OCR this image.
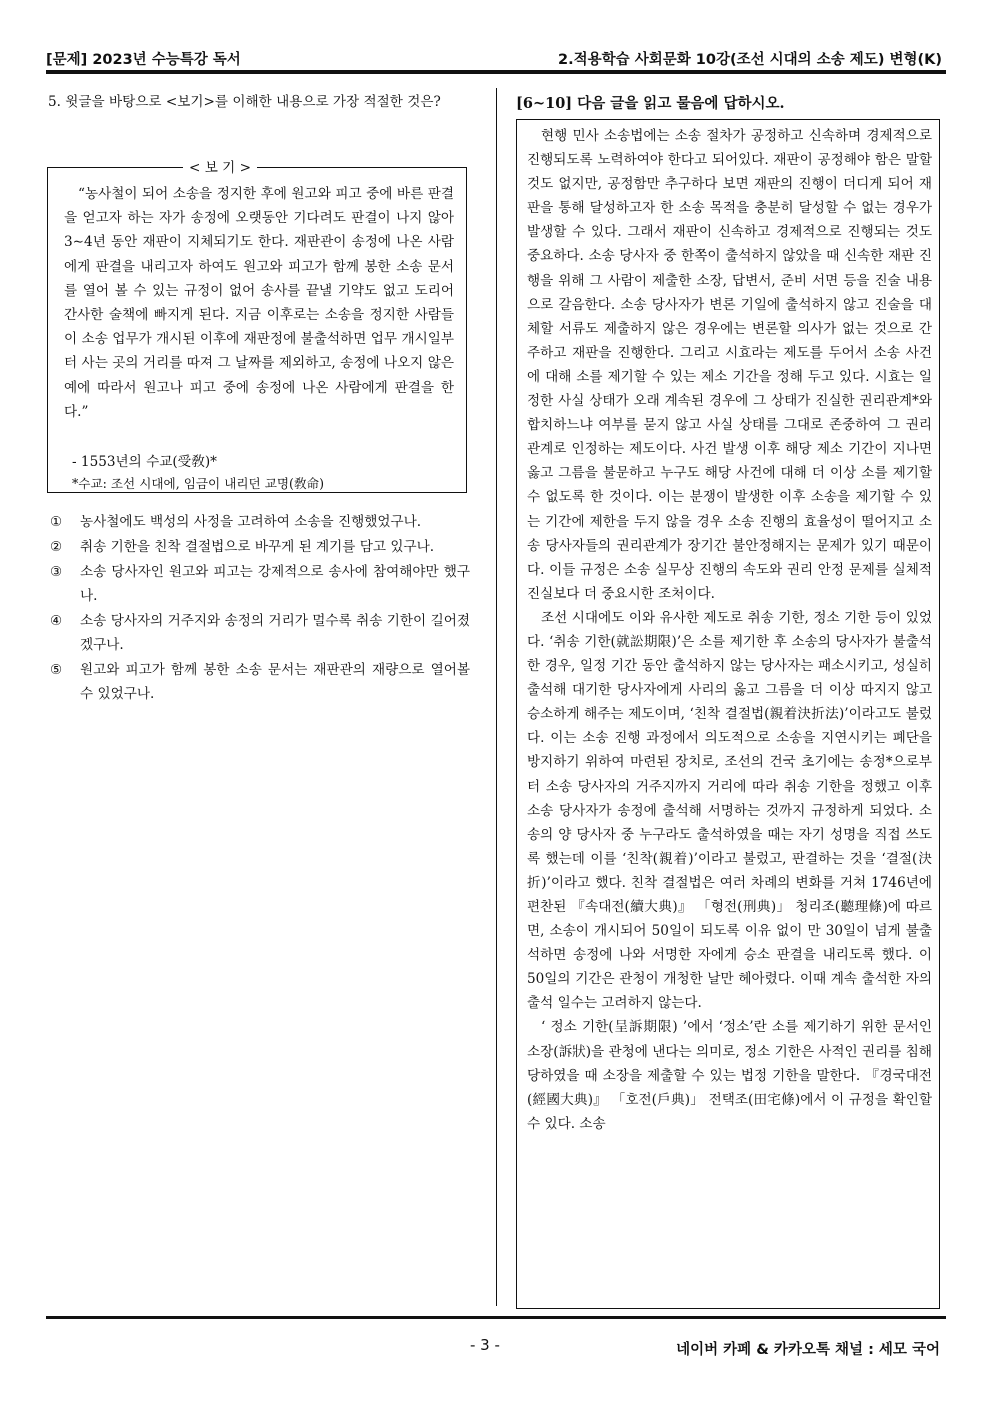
[문제] 2023년 수능특강 독서	2.적용학습 사회문화 10강(조선 시대의 소송 제도) 변형(K)
5. 윗글을 바탕으로 <보기>를 이해한 내용으로 가장 적절한 것은?
< 보 기 >

“농사철이 되어 소송을 정지한 후에 원고와 피고 중에 바른 판결을 얻고자 하는 자가 송정에 오랫동안 기다려도 판결이 나지 않아 3∼4년 동안 재판이 지체되기도 한다. 재판관이 송정에 나온 사람에게 판결을 내리고자 하여도 원고와 피고가 함께 봉한 소송 문서를 열어 볼 수 있는 규정이 없어 송사를 끝낼 기약도 없고 도리어 간사한 술책에 빠지게 된다. 지금 이후로는 소송을 정지한 사람들이 소송 업무가 개시된 이후에 재판정에 불출석하면 업무 개시일부터 사는 곳의 거리를 따져 그 날짜를 제외하고, 송정에 나오지 않은 예에 따라서 원고나 피고 중에 송정에 나온 사람에게 판결을 한다.”

- 1553년의 수교(受敎)*
*수교: 조선 시대에, 임금이 내리던 교명(敎命)
① 농사철에도 백성의 사정을 고려하여 소송을 진행했었구나.
② 취송 기한을 친착 결절법으로 바꾸게 된 계기를 담고 있구나.
③ 소송 당사자인 원고와 피고는 강제적으로 송사에 참여해야만 했구나.
④ 소송 당사자의 거주지와 송정의 거리가 멀수록 취송 기한이 길어졌겠구나.
⑤ 원고와 피고가 함께 봉한 소송 문서는 재판관의 재량으로 열어볼 수 있었구나.
[6~10] 다음 글을 읽고 물음에 답하시오.

현행 민사 소송법에는 소송 절차가 공정하고 신속하며 경제적으로 진행되도록 노력하여야 한다고 되어있다. 재판이 공정해야 함은 말할 것도 없지만, 공정함만 추구하다 보면 재판의 진행이 더디게 되어 재판을 통해 달성하고자 한 소송 목적을 충분히 달성할 수 없는 경우가 발생할 수 있다. 그래서 재판이 신속하고 경제적으로 진행되는 것도 중요하다. 소송 당사자 중 한쪽이 출석하지 않았을 때 신속한 재판 진행을 위해 그 사람이 제출한 소장, 답변서, 준비 서면 등을 진술 내용으로 갈음한다. 소송 당사자가 변론 기일에 출석하지 않고 진술을 대체할 서류도 제출하지 않은 경우에는 변론할 의사가 없는 것으로 간주하고 재판을 진행한다. 그리고 시효라는 제도를 두어서 소송 사건에 대해 소를 제기할 수 있는 제소 기간을 정해 두고 있다. 시효는 일정한 사실 상태가 오래 계속된 경우에 그 상태가 진실한 권리관계*와 합치하느냐 여부를 묻지 않고 사실 상태를 그대로 존중하여 그 권리관계로 인정하는 제도이다. 사건 발생 이후 해당 제소 기간이 지나면 옳고 그름을 불문하고 누구도 해당 사건에 대해 더 이상 소를 제기할 수 없도록 한 것이다. 이는 분쟁이 발생한 이후 소송을 제기할 수 있는 기간에 제한을 두지 않을 경우 소송 진행의 효율성이 떨어지고 소송 당사자들의 권리관계가 장기간 불안정해지는 문제가 있기 때문이다. 이들 규정은 소송 실무상 진행의 속도와 권리 안정 문제를 실체적 진실보다 더 중요시한 조처이다.

조선 시대에도 이와 유사한 제도로 취송 기한, 정소 기한 등이 있었다. ‘취송 기한(就訟期限)’은 소를 제기한 후 소송의 당사자가 불출석한 경우, 일정 기간 동안 출석하지 않는 당사자는 패소시키고, 성실히 출석해 대기한 당사자에게 사리의 옳고 그름을 더 이상 따지지 않고 승소하게 해주는 제도이며, ‘친착 결절법(親着決折法)’이라고도 불렀다. 이는 소송 진행 과정에서 의도적으로 소송을 지연시키는 폐단을 방지하기 위하여 마련된 장치로, 조선의 건국 초기에는 송정*으로부터 소송 당사자의 거주지까지 거리에 따라 취송 기한을 정했고 이후 소송 당사자가 송정에 출석해 서명하는 것까지 규정하게 되었다. 소송의 양 당사자 중 누구라도 출석하였을 때는 자기 성명을 직접 쓰도록 했는데 이를 ‘친착(親着)’이라고 불렀고, 판결하는 것을 ‘결절(決折)’이라고 했다. 친착 결절법은 여러 차례의 변화를 거쳐 1746년에 편찬된 『속대전(續大典)』 「형전(刑典)」 청리조(聽理條)에 따르면, 소송이 개시되어 50일이 되도록 이유 없이 만 30일이 넘게 불출석하면 송정에 나와 서명한 자에게 승소 판결을 내리도록 했다. 이 50일의 기간은 관청이 개청한 날만 헤아렸다. 이때 계속 출석한 자의 출석 일수는 고려하지 않는다.

‘ 정소 기한(呈訴期限) ’에서 ‘정소’란 소를 제기하기 위한 문서인 소장(訴狀)을 관청에 낸다는 의미로, 정소 기한은 사적인 권리를 침해당하였을 때 소장을 제출할 수 있는 법정 기한을 말한다. 『경국대전(經國大典)』 「호전(戶典)」 전택조(田宅條)에서 이 규정을 확인할 수 있다. 소송

- 3 -	네이버 카페 & 카카오톡 채널 : 세모 국어
